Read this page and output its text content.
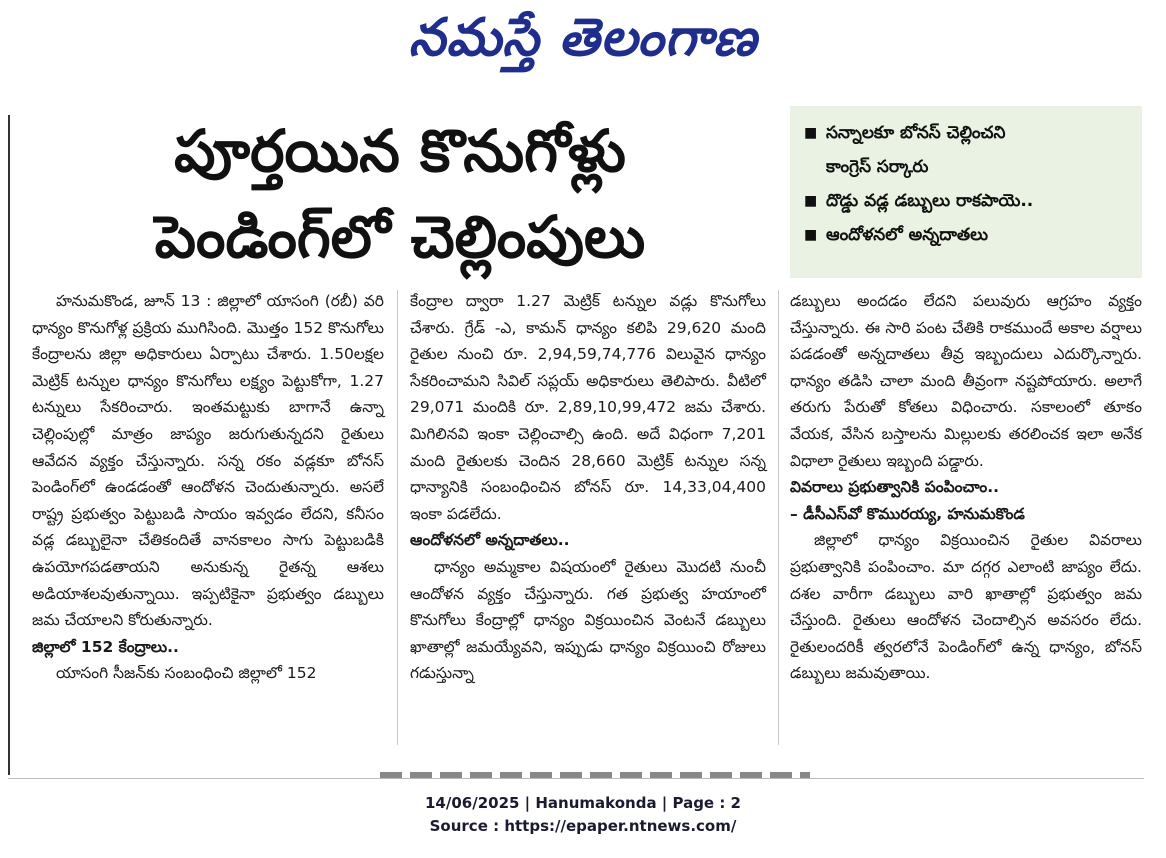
నమస్తే తెలంగాణ
పూర్తయిన కొనుగోళ్లు
పెండింగ్‌లో చెల్లింపులు
■ సన్నాలకూ బోనస్ చెల్లించని
కాంగ్రెస్ సర్కారు
■ దొడ్డు వడ్ల డబ్బులు రాకపాయె..
■ ఆందోళనలో అన్నదాతలు

హనుమకొండ, జూన్ 13 : జిల్లాలో యాసంగి (రబీ) వరి ధాన్యం కొనుగోళ్ల ప్రక్రియ ముగిసింది. మొత్తం 152 కొనుగోలు కేంద్రాలను జిల్లా అధికారులు ఏర్పాటు చేశారు. 1.50లక్షల మెట్రిక్ టన్నుల ధాన్యం కొనుగోలు లక్ష్యం పెట్టుకోగా, 1.27 టన్నులు సేకరించారు. ఇంతమట్టుకు బాగానే ఉన్నా చెల్లింపుల్లో మాత్రం జాప్యం జరుగుతున్నదని రైతులు ఆవేదన వ్యక్తం చేస్తున్నారు. సన్న రకం వడ్లకూ బోనస్ పెండింగ్‌లో ఉండడంతో ఆందోళన చెందుతున్నారు. అసలే రాష్ట్ర ప్రభుత్వం పెట్టుబడి సాయం ఇవ్వడం లేదని, కనీసం వడ్ల డబ్బులైనా చేతికందితే వానకాలం సాగు పెట్టుబడికి ఉపయోగపడతాయని అనుకున్న రైతన్న ఆశలు అడియాశలవుతున్నాయి. ఇప్పటికైనా ప్రభుత్వం డబ్బులు జమ చేయాలని కోరుతున్నారు.

జిల్లాలో 152 కేంద్రాలు..

యాసంగి సీజన్‌కు సంబంధించి జిల్లాలో 152

కేంద్రాల ద్వారా 1.27 మెట్రిక్ టన్నుల వడ్లు కొనుగోలు చేశారు. గ్రేడ్ -ఎ, కామన్ ధాన్యం కలిపి 29,620 మంది రైతుల నుంచి రూ. 2,94,59,74,776 విలువైన ధాన్యం సేకరించామని సివిల్ సప్లయ్ అధికారులు తెలిపారు. వీటిలో 29,071 మందికి రూ. 2,89,10,99,472 జమ చేశారు. మిగిలినవి ఇంకా చెల్లించాల్సి ఉంది. అదే విధంగా 7,201 మంది రైతులకు చెందిన 28,660 మెట్రిక్ టన్నుల సన్న ధాన్యానికి సంబంధించిన బోనస్ రూ. 14,33,04,400 ఇంకా పడలేదు.

ఆందోళనలో అన్నదాతలు..

ధాన్యం అమ్మకాల విషయంలో రైతులు మొదటి నుంచీ ఆందోళన వ్యక్తం చేస్తున్నారు. గత ప్రభుత్వ హయాంలో కొనుగోలు కేంద్రాల్లో ధాన్యం విక్రయించిన వెంటనే డబ్బులు ఖాతాల్లో జమయ్యేవని, ఇప్పుడు ధాన్యం విక్రయించి రోజులు గడుస్తున్నా

డబ్బులు అందడం లేదని పలువురు ఆగ్రహం వ్యక్తం చేస్తున్నారు. ఈ సారి పంట చేతికి రాకముందే అకాల వర్షాలు పడడంతో అన్నదాతలు తీవ్ర ఇబ్బందులు ఎదుర్కొన్నారు. ధాన్యం తడిసి చాలా మంది తీవ్రంగా నష్టపోయారు. అలాగే తరుగు పేరుతో కోతలు విధించారు. సకాలంలో తూకం వేయక, వేసిన బస్తాలను మిల్లులకు తరలించక ఇలా అనేక విధాలా రైతులు ఇబ్బంది పడ్డారు.

వివరాలు ప్రభుత్వానికి పంపించాం..

– డీసీఎస్‌వో కొమురయ్య, హనుమకొండ

జిల్లాలో ధాన్యం విక్రయించిన రైతుల వివరాలు ప్రభుత్వానికి పంపించాం. మా దగ్గర ఎలాంటి జాప్యం లేదు. దశల వారీగా డబ్బులు వారి ఖాతాల్లో ప్రభుత్వం జమ చేస్తుంది. రైతులు ఆందోళన చెందాల్సిన అవసరం లేదు. రైతులందరికీ త్వరలోనే పెండింగ్‌లో ఉన్న ధాన్యం, బోనస్ డబ్బులు జమవుతాయి.

14/06/2025 | Hanumakonda | Page : 2
Source : https://epaper.ntnews.com/
